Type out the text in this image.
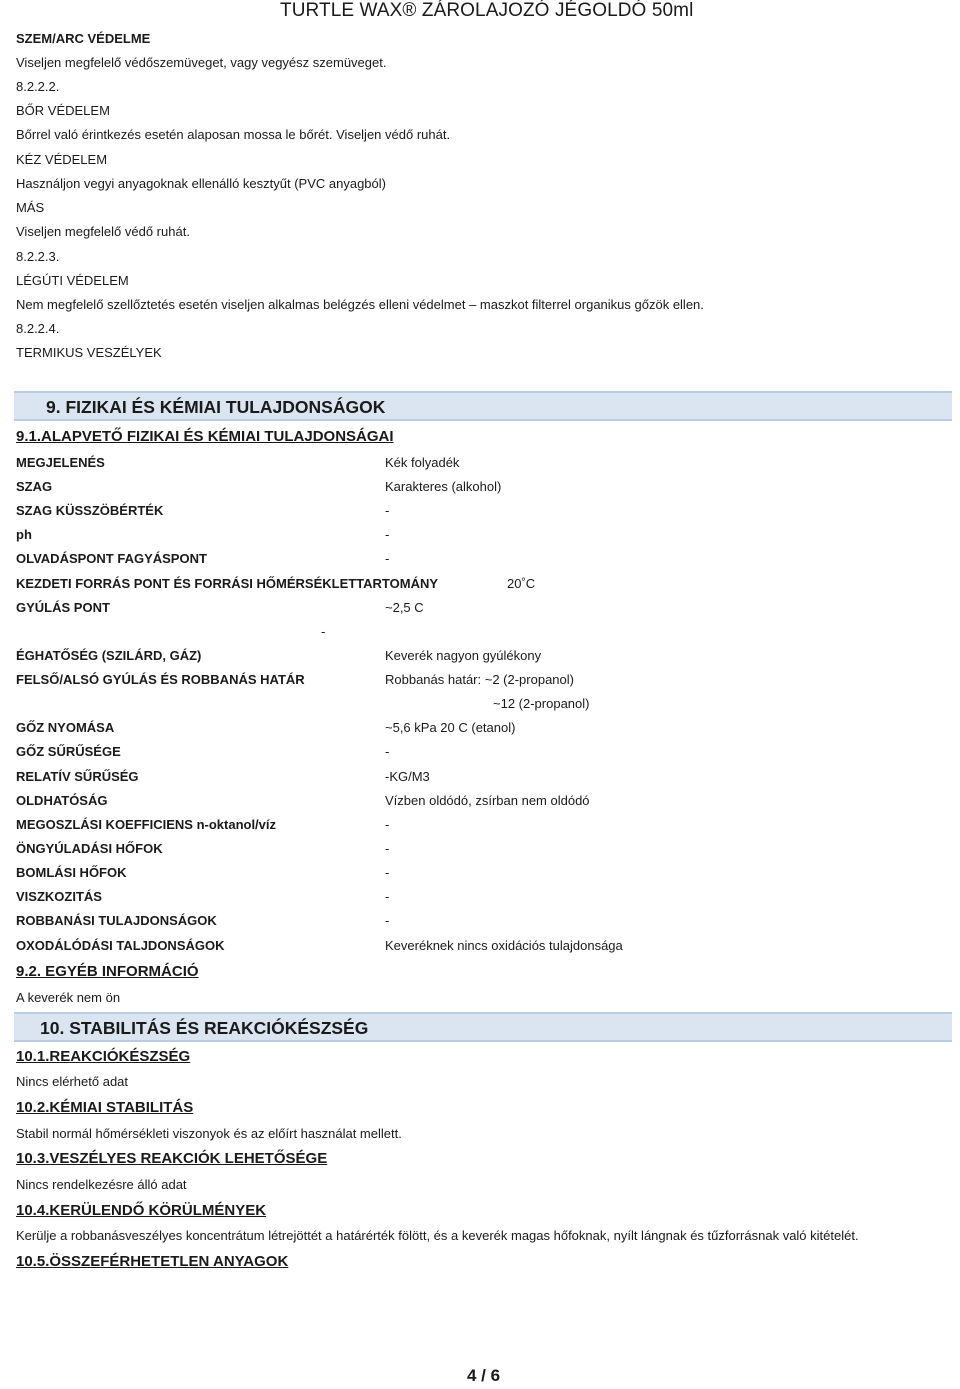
TURTLE WAX® ZÁROLAJOZÓ JÉGOLDÓ 50ml
SZEM/ARC VÉDELME
Viseljen megfelelő védőszemüveget, vagy vegyész szemüveget.
8.2.2.2.
BŐR VÉDELEM
Bőrrel való érintkezés esetén alaposan mossa le bőrét. Viseljen védő ruhát.
KÉZ VÉDELEM
Használjon vegyi anyagoknak ellenálló kesztyűt (PVC anyagból)
MÁS
Viseljen megfelelő védő ruhát.
8.2.2.3.
LÉGÚTI VÉDELEM
Nem megfelelő szellőztetés esetén viseljen alkalmas belégzés elleni védelmet – maszkot filterrel organikus gőzök ellen.
8.2.2.4.
TERMIKUS VESZÉLYEK
9. FIZIKAI ÉS KÉMIAI TULAJDONSÁGOK
9.1.ALAPVETŐ FIZIKAI ÉS KÉMIAI TULAJDONSÁGAI
MEGJELENÉS	Kék folyadék
SZAG	Karakteres (alkohol)
SZAG KÜSSZÖBÉRTÉK	-
ph	-
OLVADÁSPONT FAGYÁSPONT	-
KEZDETI FORRÁS PONT ÉS FORRÁSI HŐMÉRSÉKLETTARTOMÁNY	20˚C
GYÚLÁS PONT	~2,5 C
-
ÉGHATŐSÉG (SZILÁRD, GÁZ)	Keverék nagyon gyúlékony
FELSŐ/ALSÓ GYÚLÁS ÉS ROBBANÁS HATÁR	Robbanás határ: ~2 (2-propanol)
~12 (2-propanol)
GŐZ NYOMÁSA	~5,6 kPa 20 C (etanol)
GŐZ SŰRŰSÉGE	-
RELATÍV SŰRŰSÉG	-KG/M3
OLDHATÓSÁG	Vízben oldódó, zsírban nem oldódó
MEGOSZLÁSI KOEFFICIENS n-oktanol/víz	-
ÖNGYÚLADÁSI HŐFOK	-
BOMLÁSI HŐFOK	-
VISZKOZITÁS	-
ROBBANÁSI TULAJDONSÁGOK	-
OXODÁLÓDÁSI TALJDONSÁGOK	Keveréknek nincs oxidációs tulajdonsága
9.2. EGYÉB INFORMÁCIÓ
A keverék nem ön
10. STABILITÁS ÉS REAKCIÓKÉSZSÉG
10.1.REAKCIÓKÉSZSÉG
Nincs elérhető adat
10.2.KÉMIAI STABILITÁS
Stabil normál hőmérsékleti viszonyok és az előírt használat mellett.
10.3.VESZÉLYES REAKCIÓK LEHETŐSÉGE
Nincs rendelkezésre álló adat
10.4.KERÜLENDŐ KÖRÜLMÉNYEK
Kerülje a robbanásveszélyes koncentrátum létrejöttét a határérték fölött, és a keverék magas hőfoknak, nyílt lángnak és tűzforrásnak való kitételét.
10.5.ÖSSZEFÉRHETETLEN ANYAGOK
4 / 6
